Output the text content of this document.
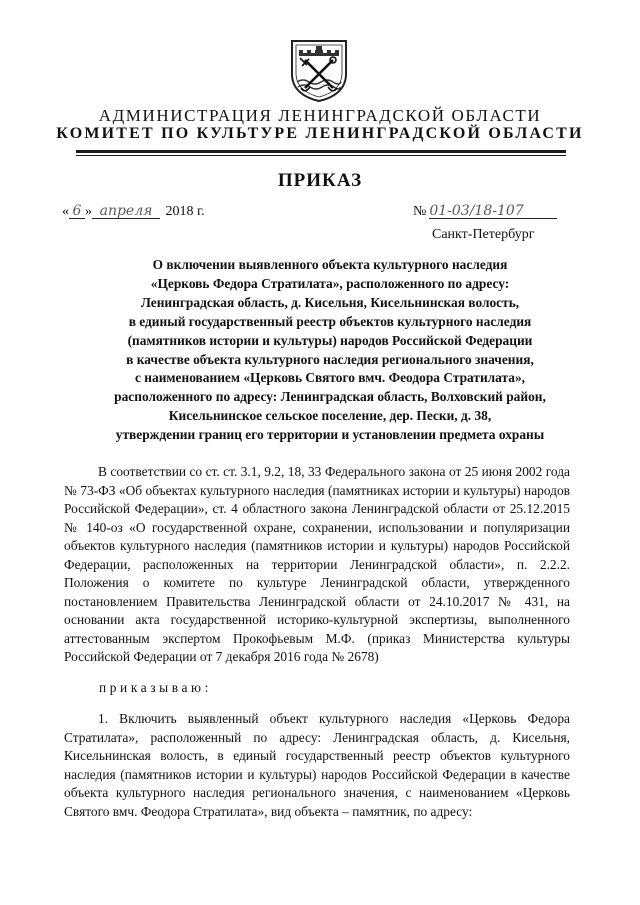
АДМИНИСТРАЦИЯ ЛЕНИНГРАДСКОЙ ОБЛАСТИ
КОМИТЕТ ПО КУЛЬТУРЕ ЛЕНИНГРАДСКОЙ ОБЛАСТИ
ПРИКАЗ
« 6 » апреля 2018 г.	№ 01-03/18-107
Санкт-Петербург
О включении выявленного объекта культурного наследия
«Церковь Федора Стратилата», расположенного по адресу:
Ленинградская область, д. Кисельня, Кисельнинская волость,
в единый государственный реестр объектов культурного наследия
(памятников истории и культуры) народов Российской Федерации
в качестве объекта культурного наследия регионального значения,
с наименованием «Церковь Святого вмч. Феодора Стратилата»,
расположенного по адресу: Ленинградская область, Волховский район,
Кисельнинское сельское поселение, дер. Пески, д. 38,
утверждении границ его территории и установлении предмета охраны
В соответствии со ст. ст. 3.1, 9.2, 18, 33 Федерального закона от 25 июня 2002 года № 73-ФЗ «Об объектах культурного наследия (памятниках истории и культуры) народов Российской Федерации», ст. 4 областного закона Ленинградской области от 25.12.2015 № 140-оз «О государственной охране, сохранении, использовании и популяризации объектов культурного наследия (памятников истории и культуры) народов Российской Федерации, расположенных на территории Ленинградской области», п. 2.2.2. Положения о комитете по культуре Ленинградской области, утвержденного постановлением Правительства Ленинградской области от 24.10.2017 № 431, на основании акта государственной историко-культурной экспертизы, выполненного аттестованным экспертом Прокофьевым М.Ф. (приказ Министерства культуры Российской Федерации от 7 декабря 2016 года № 2678)
приказываю:
1. Включить выявленный объект культурного наследия «Церковь Федора Стратилата», расположенный по адресу: Ленинградская область, д. Кисельня, Кисельнинская волость, в единый государственный реестр объектов культурного наследия (памятников истории и культуры) народов Российской Федерации в качестве объекта культурного наследия регионального значения, с наименованием «Церковь Святого вмч. Феодора Стратилата», вид объекта – памятник, по адресу:
